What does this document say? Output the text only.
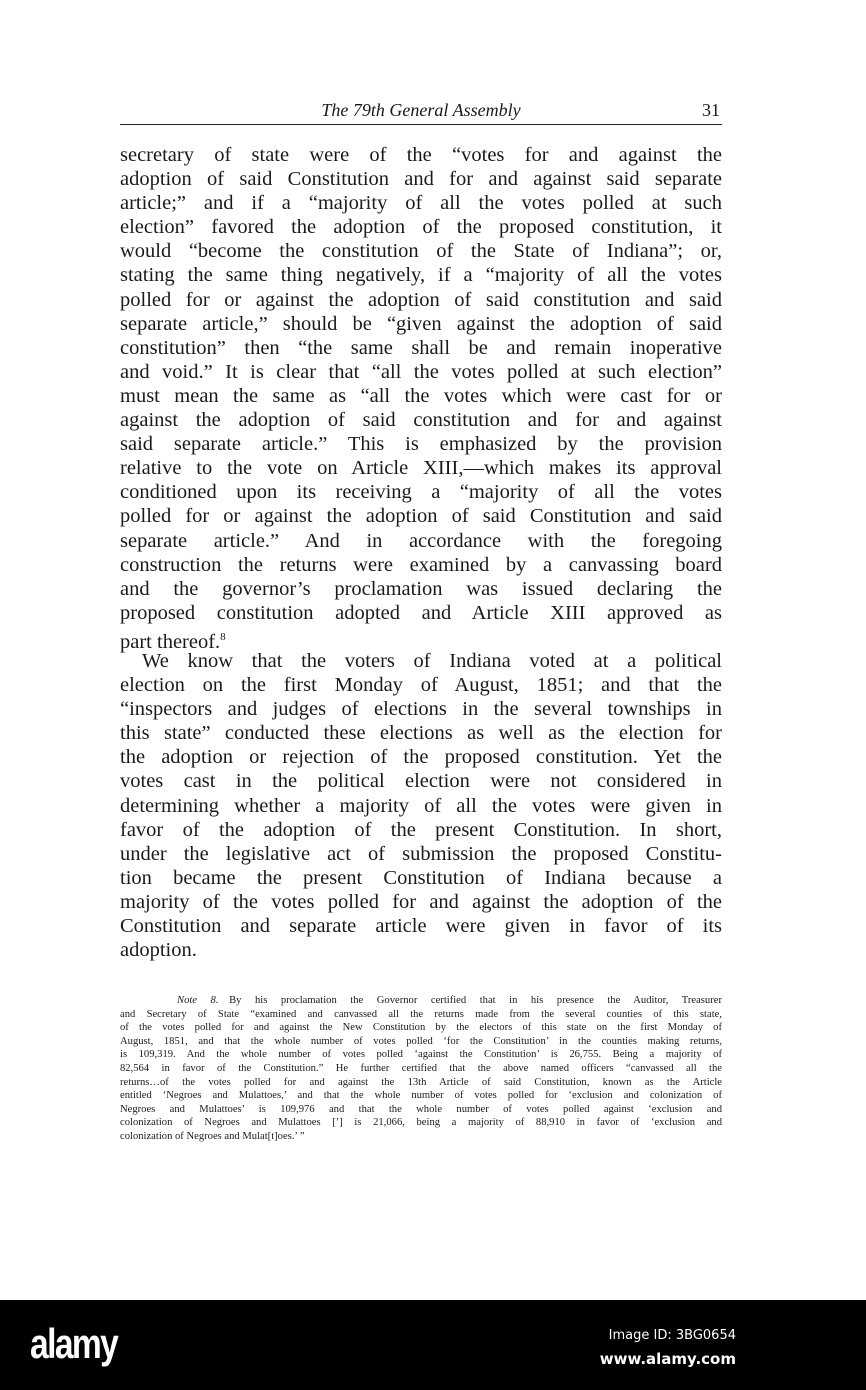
The 79th General Assembly	31
secretary of state were of the “votes for and against the
adoption of said Constitution and for and against said separate
article;” and if a “majority of all the votes polled at such
election” favored the adoption of the proposed constitution, it
would “become the constitution of the State of Indiana”; or,
stating the same thing negatively, if a “majority of all the votes
polled for or against the adoption of said constitution and said
separate article,” should be “given against the adoption of said
constitution” then “the same shall be and remain inoperative
and void.” It is clear that “all the votes polled at such election”
must mean the same as “all the votes which were cast for or
against the adoption of said constitution and for and against
said separate article.” This is emphasized by the provision
relative to the vote on Article XIII,—which makes its approval
conditioned upon its receiving a “majority of all the votes
polled for or against the adoption of said Constitution and said
separate article.” And in accordance with the foregoing
construction the returns were examined by a canvassing board
and the governor’s proclamation was issued declaring the
proposed constitution adopted and Article XIII approved as
part thereof.$^8$
We know that the voters of Indiana voted at a political
election on the first Monday of August, 1851; and that the
“inspectors and judges of elections in the several townships in
this state” conducted these elections as well as the election for
the adoption or rejection of the proposed constitution. Yet the
votes cast in the political election were not considered in
determining whether a majority of all the votes were given in
favor of the adoption of the present Constitution. In short,
under the legislative act of submission the proposed Constitu-
tion became the present Constitution of Indiana because a
majority of the votes polled for and against the adoption of the
Constitution and separate article were given in favor of its
adoption.
Note 8.  By his proclamation the Governor certified that in his presence the Auditor, Treasurer
and Secretary of State “examined and canvassed all the returns made from the several counties of this state,
of the votes polled for and against the New Constitution by the electors of this state on the first Monday of
August, 1851, and that the whole number of votes polled ‘for the Constitution’ in the counties making returns,
is 109,319. And the whole number of votes polled ‘against the Constitution’ is 26,755. Being a majority of
82,564 in favor of the Constitution.” He further certified that the above named officers “canvassed all the
returns…of the votes polled for and against the 13th Article of said Constitution, known as the Article
entitled ‘Negroes and Mulattoes,’ and that the whole number of votes polled for ‘exclusion and colonization of
Negroes and Mulattoes’ is 109,976 and that the whole number of votes polled against ‘exclusion and
colonization of Negroes and Mulattoes [’] is 21,066, being a majority of 88,910 in favor of ‘exclusion and
colonization of Negroes and Mulat[t]oes.’ ”
alamy	Image ID: 3BG0654
www.alamy.com
